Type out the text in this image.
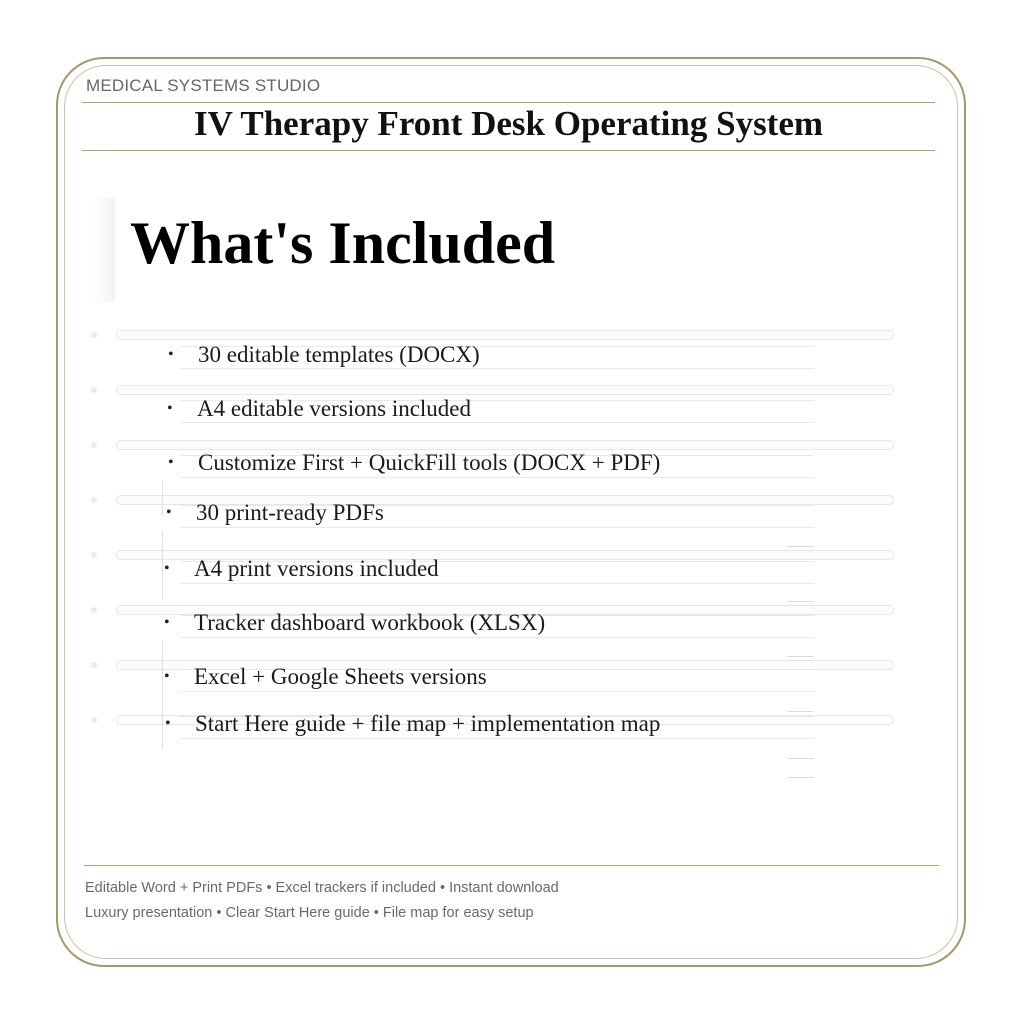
MEDICAL SYSTEMS STUDIO
IV Therapy Front Desk Operating System
What's Included
• 30 editable templates (DOCX)
• A4 editable versions included
• Customize First + QuickFill tools (DOCX + PDF)
• 30 print-ready PDFs
• A4 print versions included
• Tracker dashboard workbook (XLSX)
• Excel + Google Sheets versions
• Start Here guide + file map + implementation map
Editable Word + Print PDFs • Excel trackers if included • Instant download
Luxury presentation • Clear Start Here guide • File map for easy setup
